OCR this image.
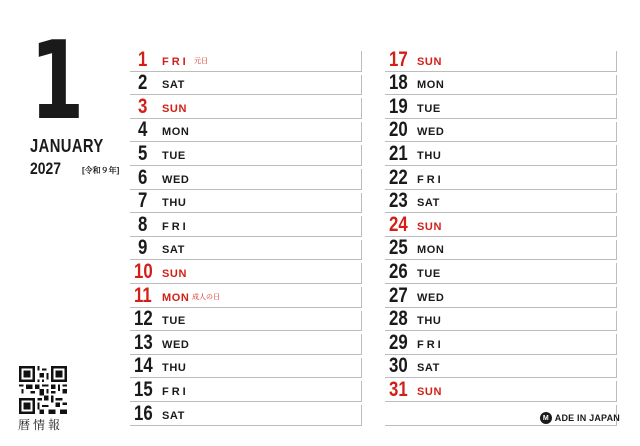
1
JANUARY
2027	[令和９年]
暦情報
1	FRI 元日
2	SAT
3	SUN
4	MON
5	TUE
6	WED
7	THU
8	FRI
9	SAT
10 SUN
11 MON 成人の日
12 TUE
13 WED
14 THU
15 FRI
16 SAT
17 SUN
18 MON
19 TUE
20 WED
21 THU
22 FRI
23 SAT
24 SUN
25 MON
26 TUE
27 WED
28 THU
29 FRI
30 SAT
31 SUN
M ADE IN JAPAN
